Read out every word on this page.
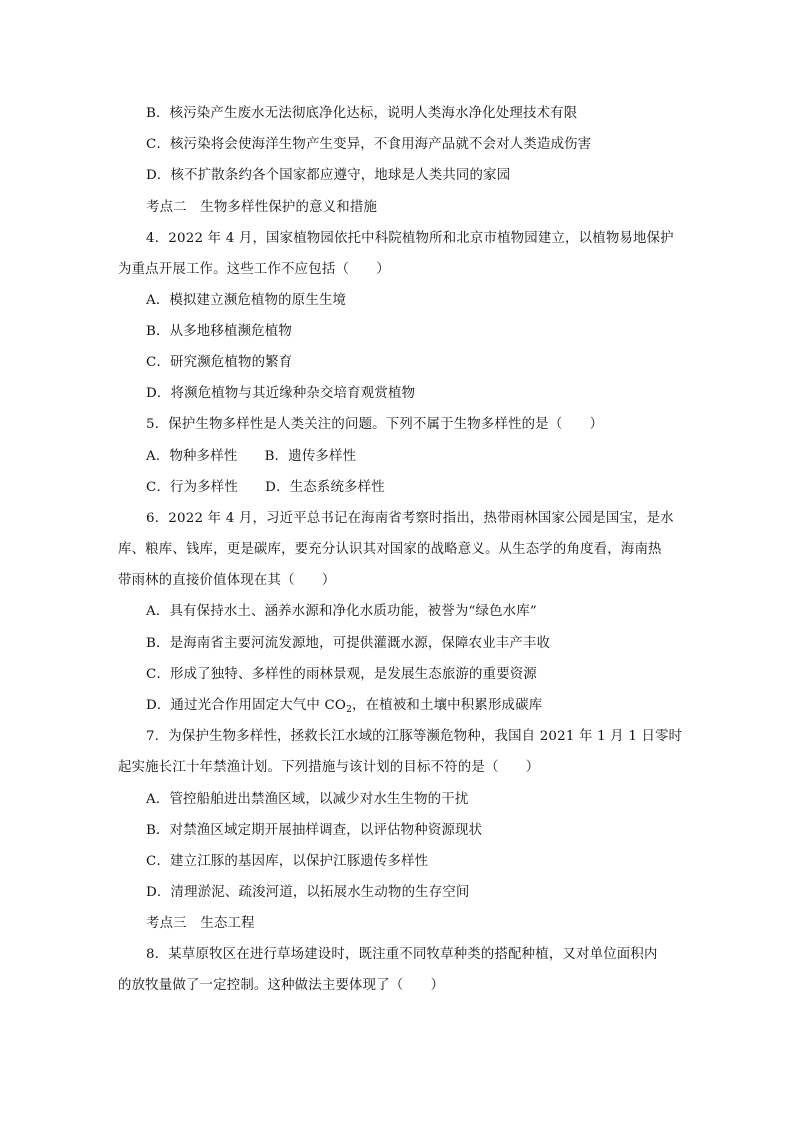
B．核污染产生废水无法彻底净化达标，说明人类海水净化处理技术有限
C．核污染将会使海洋生物产生变异，不食用海产品就不会对人类造成伤害
D．核不扩散条约各个国家都应遵守，地球是人类共同的家园
考点二　生物多样性保护的意义和措施
4．2022 年 4 月，国家植物园依托中科院植物所和北京市植物园建立，以植物易地保护
为重点开展工作。这些工作不应包括（　　）
A．模拟建立濒危植物的原生生境
B．从多地移植濒危植物
C．研究濒危植物的繁育
D．将濒危植物与其近缘种杂交培育观赏植物
5．保护生物多样性是人类关注的问题。下列不属于生物多样性的是（　　）
A．物种多样性　　B．遗传多样性
C．行为多样性　　D．生态系统多样性
6．2022 年 4 月，习近平总书记在海南省考察时指出，热带雨林国家公园是国宝，是水
库、粮库、钱库，更是碳库，要充分认识其对国家的战略意义。从生态学的角度看，海南热
带雨林的直接价值体现在其（　　）
A．具有保持水土、涵养水源和净化水质功能，被誉为“绿色水库”
B．是海南省主要河流发源地，可提供灌溉水源，保障农业丰产丰收
C．形成了独特、多样性的雨林景观，是发展生态旅游的重要资源
D．通过光合作用固定大气中 $CO_2$，在植被和土壤中积累形成碳库
7．为保护生物多样性，拯救长江水域的江豚等濒危物种，我国自 2021 年 1 月 1 日零时
起实施长江十年禁渔计划。下列措施与该计划的目标不符的是（　　）
A．管控船舶进出禁渔区域，以减少对水生生物的干扰
B．对禁渔区域定期开展抽样调查，以评估物种资源现状
C．建立江豚的基因库，以保护江豚遗传多样性
D．清理淤泥、疏浚河道，以拓展水生动物的生存空间
考点三　生态工程
8．某草原牧区在进行草场建设时，既注重不同牧草种类的搭配种植，又对单位面积内
的放牧量做了一定控制。这种做法主要体现了（　　）
